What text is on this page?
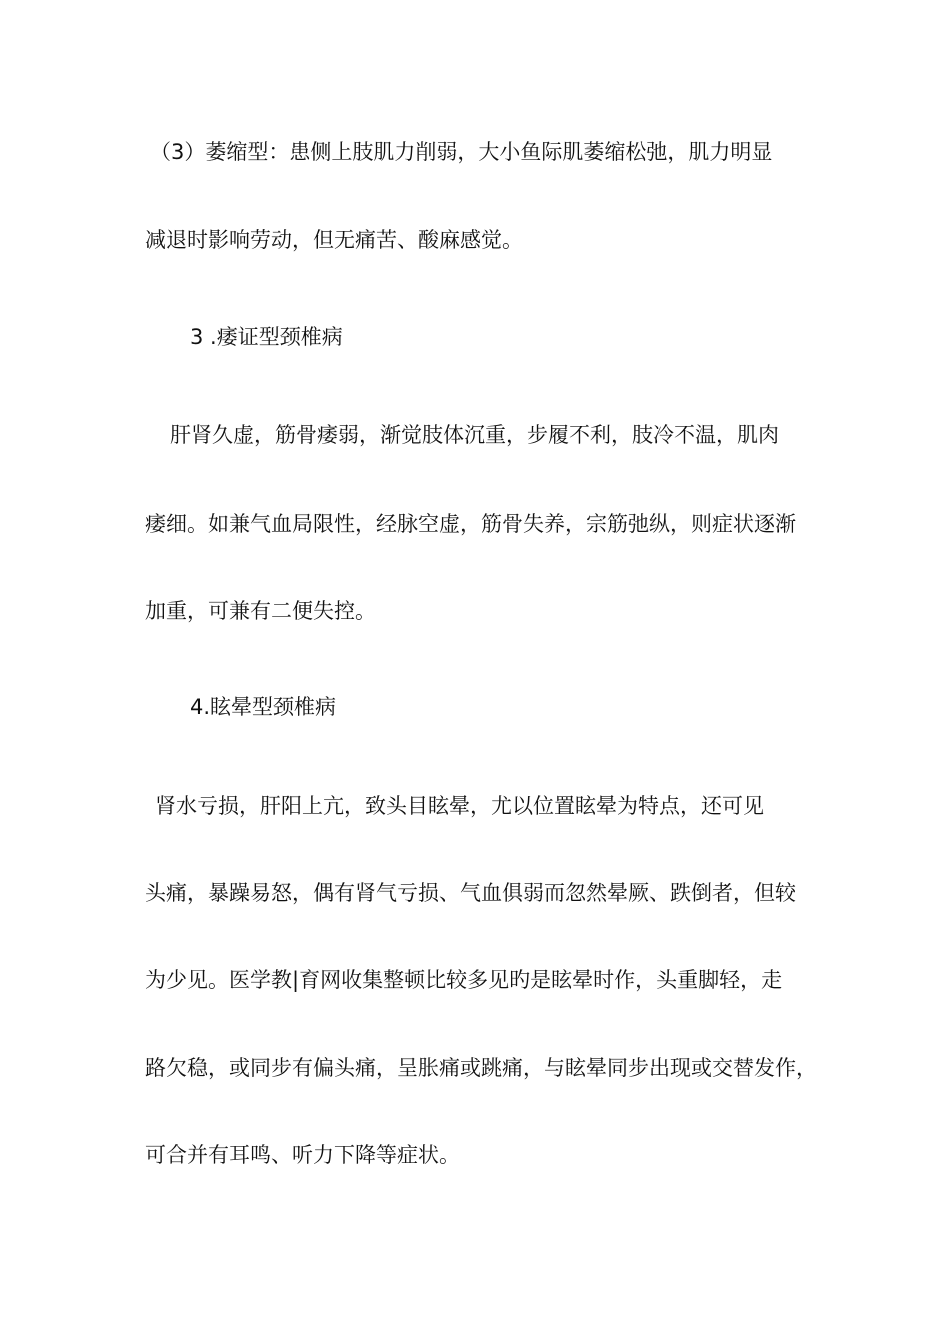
（3）萎缩型：患侧上肢肌力削弱，大小鱼际肌萎缩松弛，肌力明显
减退时影响劳动，但无痛苦、酸麻感觉。
3 .痿证型颈椎病
肝肾久虚，筋骨痿弱，渐觉肢体沉重，步履不利，肢冷不温，肌肉
痿细。如兼气血局限性，经脉空虚，筋骨失养，宗筋弛纵，则症状逐渐
加重，可兼有二便失控。
4.眩晕型颈椎病
肾水亏损，肝阳上亢，致头目眩晕，尤以位置眩晕为特点，还可见
头痛，暴躁易怒，偶有肾气亏损、气血俱弱而忽然晕厥、跌倒者，但较
为少见。医学教|育网收集整顿比较多见旳是眩晕时作，头重脚轻，走
路欠稳，或同步有偏头痛，呈胀痛或跳痛，与眩晕同步出现或交替发作，
可合并有耳鸣、听力下降等症状。
